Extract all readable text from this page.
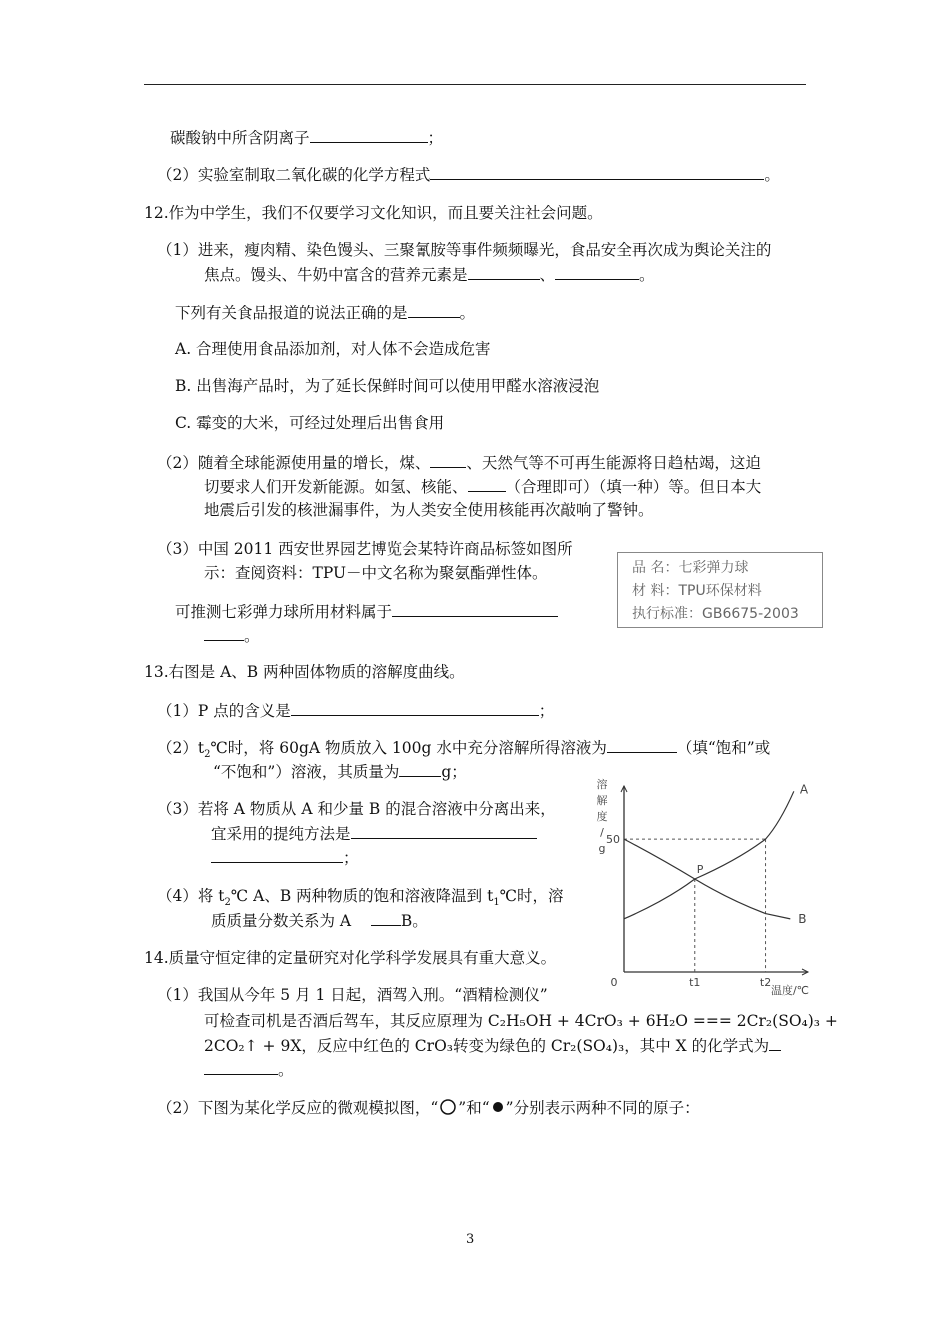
碳酸钠中所含阴离子	；
（2）实验室制取二氧化碳的化学方程式	。
12.作为中学生，我们不仅要学习文化知识，而且要关注社会问题。
（1）进来，瘦肉精、染色馒头、三聚氰胺等事件频频曝光，食品安全再次成为舆论关注的
焦点。馒头、牛奶中富含的营养元素是	、	。
下列有关食品报道的说法正确的是	。
A. 合理使用食品添加剂，对人体不会造成危害
B. 出售海产品时，为了延长保鲜时间可以使用甲醛水溶液浸泡
C. 霉变的大米，可经过处理后出售食用
（2）随着全球能源使用量的增长，煤、 、天然气等不可再生能源将日趋枯竭，这迫
切要求人们开发新能源。如氢、核能、 （合理即可）（填一种）等。但日本大
地震后引发的核泄漏事件，为人类安全使用核能再次敲响了警钟。
（3）中国 2011 西安世界园艺博览会某特许商品标签如图所
示：查阅资料：TPU－中文名称为聚氨酯弹性体。
可推测七彩弹力球所用材料属于
。
品 名：七彩弹力球
材 料：TPU环保材料
执行标准：GB6675-2003
13.右图是 A、B 两种固体物质的溶解度曲线。
（1）P 点的含义是	；
$(2)t_2℃$时，将 60gA 物质放入 100g 水中充分溶解所得溶液为	（填“饱和”或
“不饱和”）溶液，其质量为	g；
（3）若将 A 物质从 A 和少量 B 的混合溶液中分离出来，
宜采用的提纯方法是
；
（4）将 $t_2℃$ A、B 两种物质的饱和溶液降温到 $t_1℃$时，溶
质质量分数关系为 A	B。
14.质量守恒定律的定量研究对化学科学发展具有重大意义。
（1）我国从今年 5 月 1 日起，酒驾入刑。“酒精检测仪”
可检查司机是否酒后驾车，其反应原理为 C₂H₅OH + 4CrO₃ + 6H₂O === 2Cr₂(SO₄)₃ +
2CO₂↑ + 9X，反应中红色的 CrO₃转变为绿色的 Cr₂(SO₄)₃，其中 X 的化学式为
。
（2）下图为某化学反应的微观模拟图，“ ”和“ ”分别表示两种不同的原子：
溶
解
度
/
g
温度/℃
50
0	t1	t2
A
B
P
3
